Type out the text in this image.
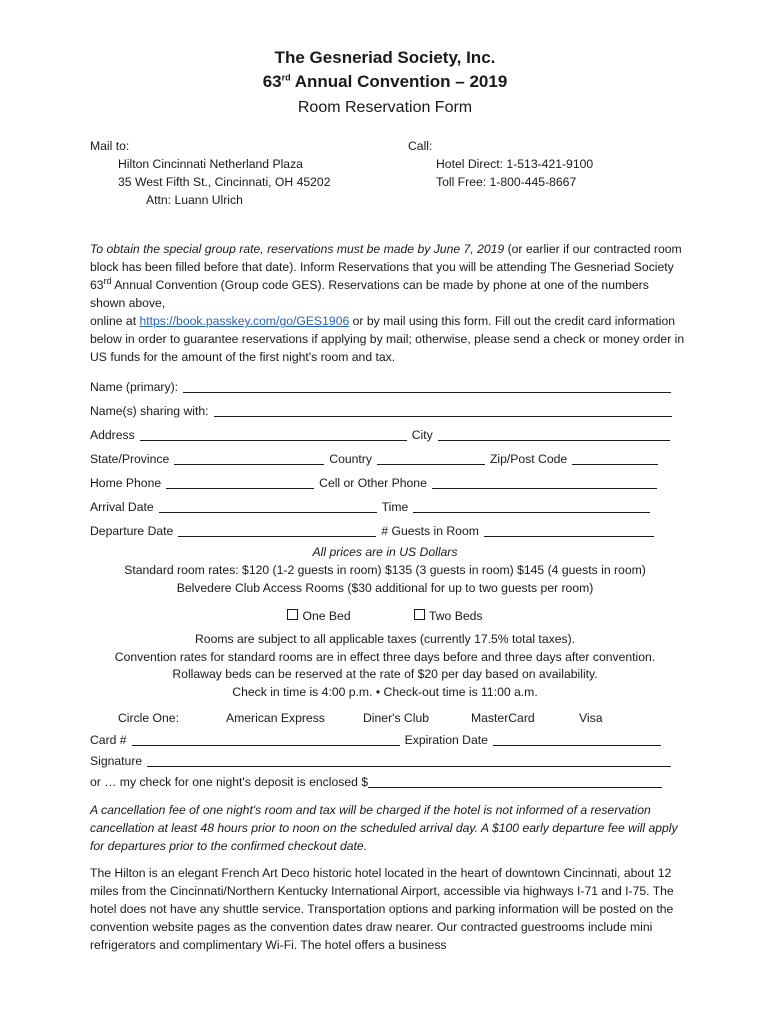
The Gesneriad Society, Inc.
63rd Annual Convention – 2019
Room Reservation Form
Mail to:
Hilton Cincinnati Netherland Plaza
35 West Fifth St., Cincinnati, OH 45202
Attn: Luann Ulrich
Call:
Hotel Direct: 1-513-421-9100
Toll Free: 1-800-445-8667
To obtain the special group rate, reservations must be made by June 7, 2019 (or earlier if our contracted room block has been filled before that date). Inform Reservations that you will be attending The Gesneriad Society 63rd Annual Convention (Group code GES). Reservations can be made by phone at one of the numbers shown above,
online at https://book.passkey.com/go/GES1906 or by mail using this form. Fill out the credit card information below in order to guarantee reservations if applying by mail; otherwise, please send a check or money order in US funds for the amount of the first night's room and tax.
Name (primary):
Name(s) sharing with:
Address	City
State/Province	Country	Zip/Post Code
Home Phone	Cell or Other Phone
Arrival Date	Time
Departure Date	# Guests in Room
All prices are in US Dollars
Standard room rates: $120 (1-2 guests in room) $135 (3 guests in room) $145 (4 guests in room)
Belvedere Club Access Rooms ($30 additional for up to two guests per room)
One Bed	Two Beds
Rooms are subject to all applicable taxes (currently 17.5% total taxes).
Convention rates for standard rooms are in effect three days before and three days after convention.
Rollaway beds can be reserved at the rate of $20 per day based on availability.
Check in time is 4:00 p.m. • Check-out time is 11:00 a.m.
Circle One:	American Express	Diner's Club	MasterCard	Visa
Card #	Expiration Date
Signature
or … my check for one night's deposit is enclosed $
A cancellation fee of one night's room and tax will be charged if the hotel is not informed of a reservation cancellation at least 48 hours prior to noon on the scheduled arrival day. A $100 early departure fee will apply for departures prior to the confirmed checkout date.
The Hilton is an elegant French Art Deco historic hotel located in the heart of downtown Cincinnati, about 12 miles from the Cincinnati/Northern Kentucky International Airport, accessible via highways I-71 and I-75. The hotel does not have any shuttle service. Transportation options and parking information will be posted on the convention website pages as the convention dates draw nearer. Our contracted guestrooms include mini refrigerators and complimentary Wi-Fi. The hotel offers a business
